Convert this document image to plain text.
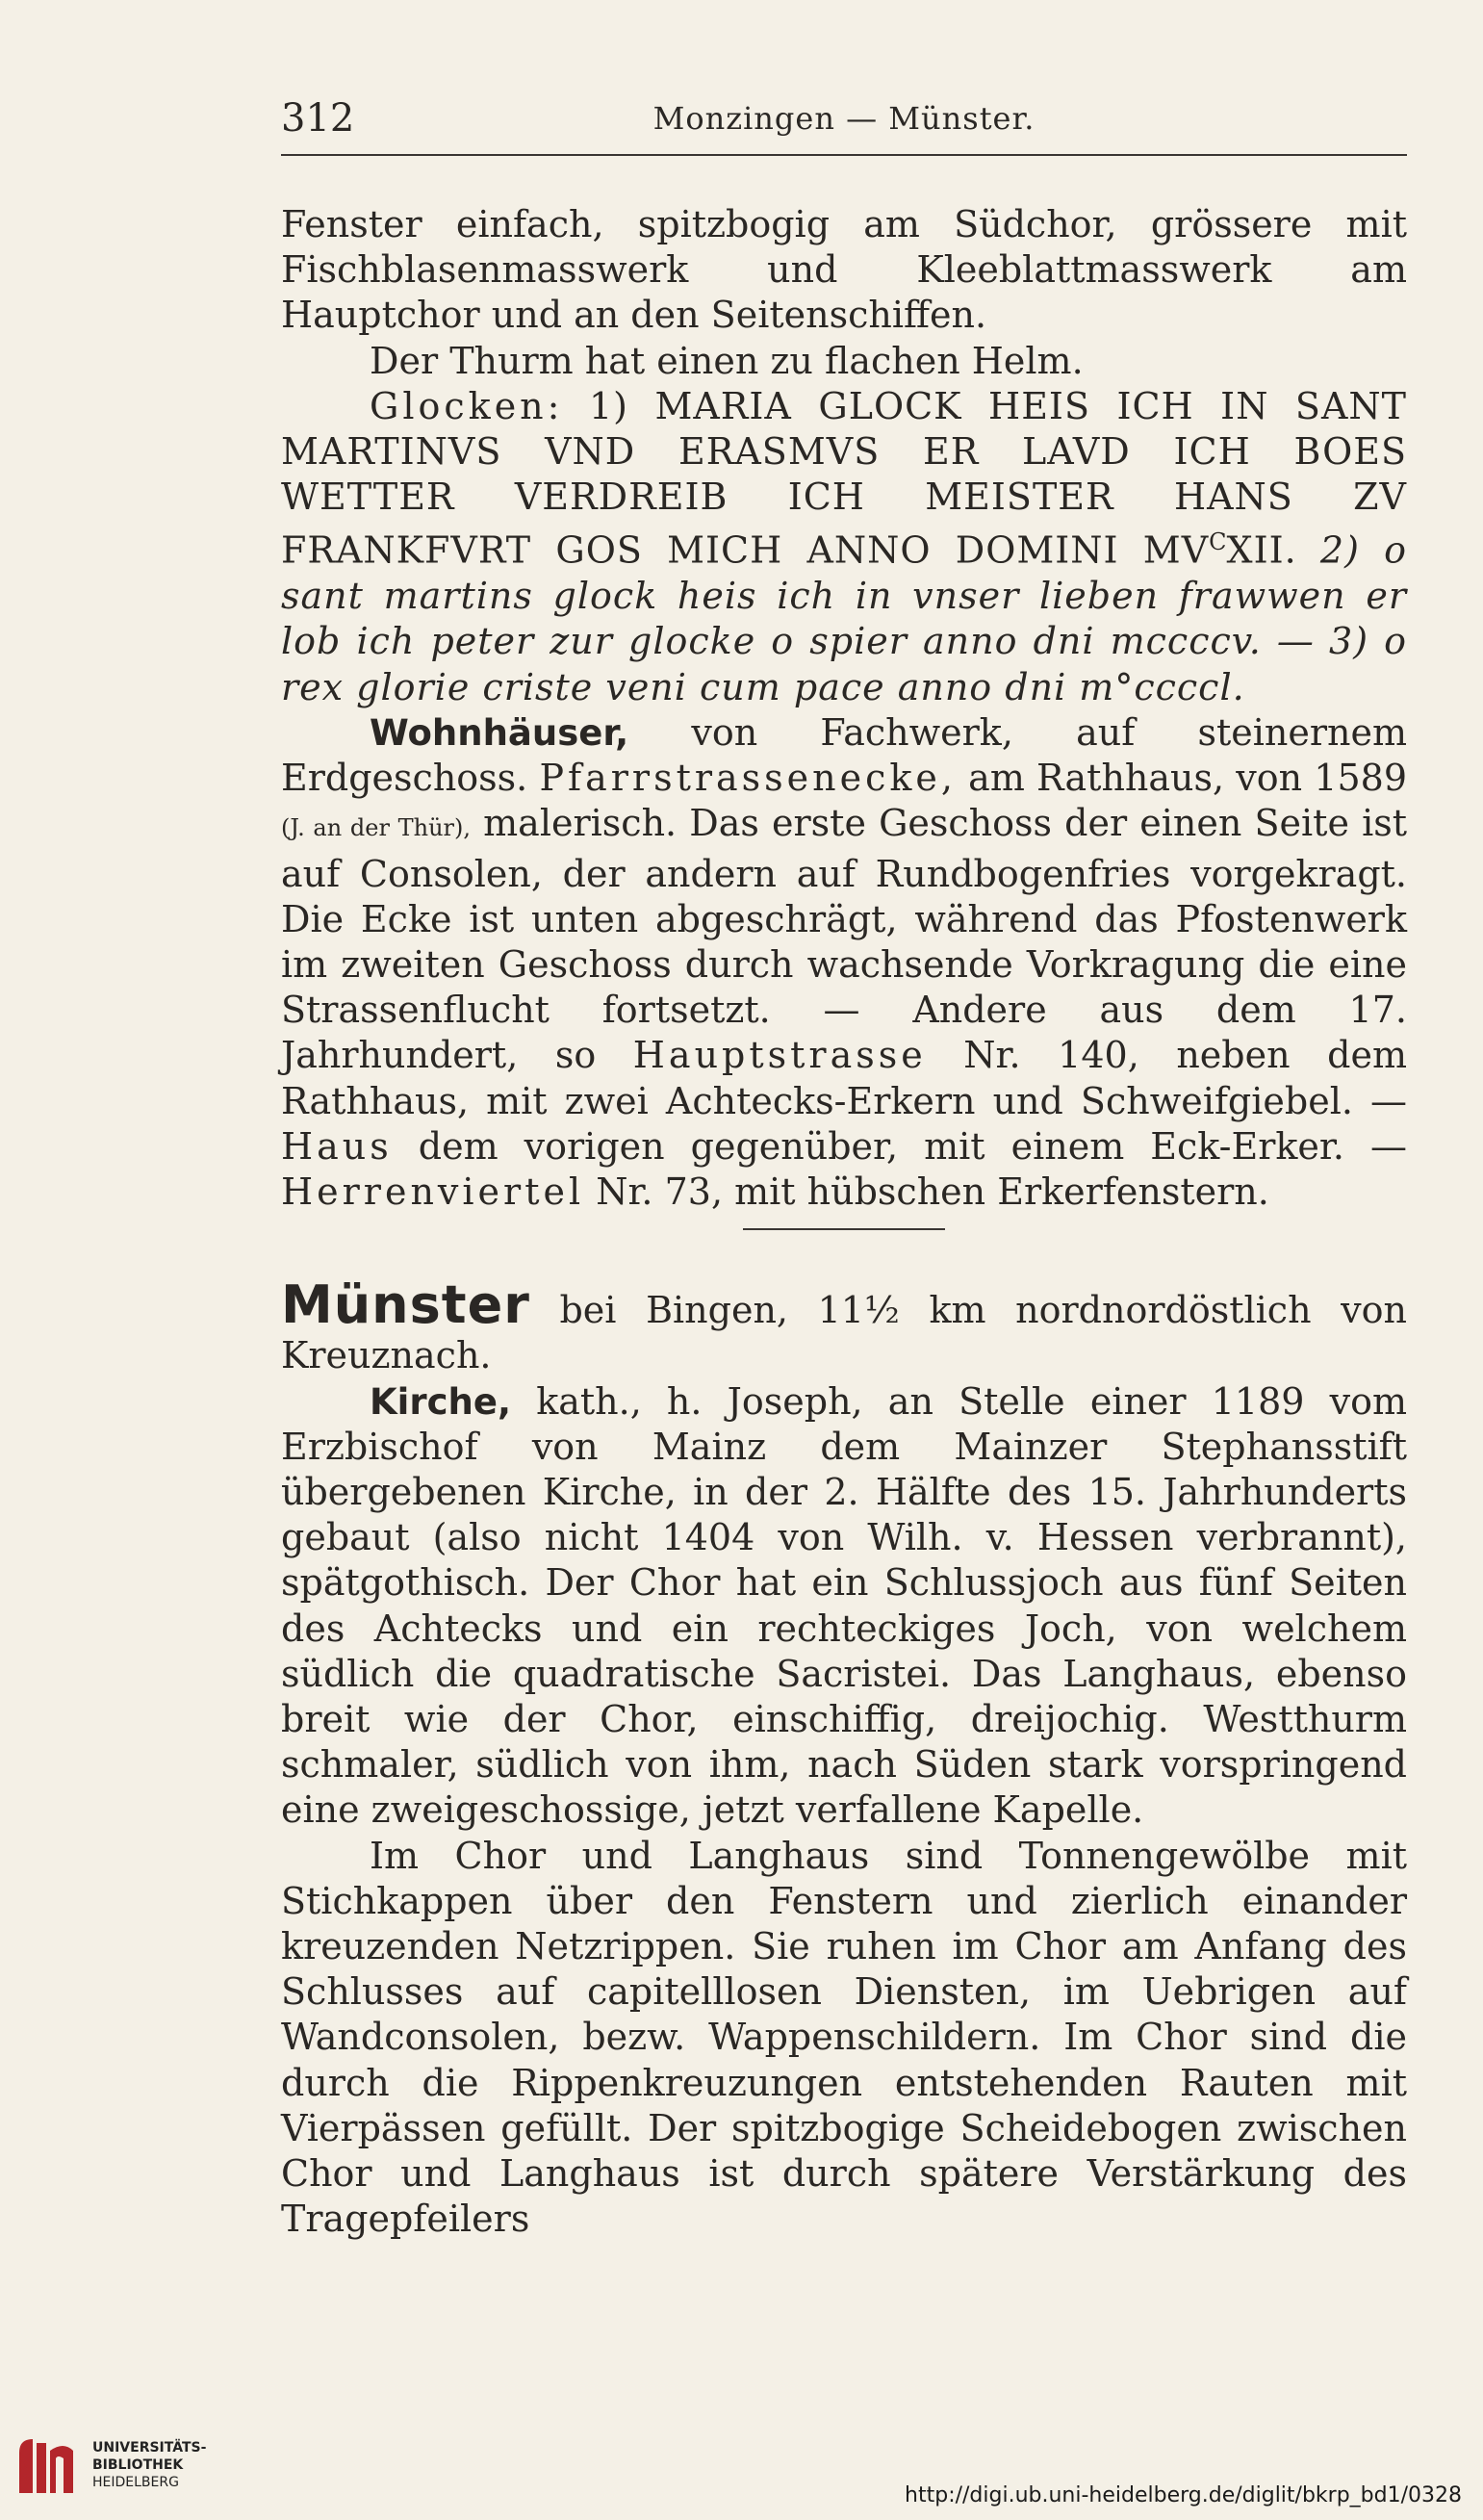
312	Monzingen — Münster.

Fenster einfach, spitzbogig am Südchor, grössere mit Fischblasenmasswerk und Kleeblattmasswerk am Hauptchor und an den Seitenschiffen.

Der Thurm hat einen zu flachen Helm.

Glocken: 1) MARIA GLOCK HEIS ICH IN SANT MARTINVS VND ERASMVS ER LAVD ICH BOES WETTER VERDREIB ICH MEISTER HANS ZV FRANKFVRT GOS MICH ANNO DOMINI $MV^CXII$. 2) o sant martins glock heis ich in vnser lieben frawwen er lob ich peter zur glocke o spier anno dni mccccv. — 3) o rex glorie criste veni cum pace anno dni m°ccccl.

Wohnhäuser, von Fachwerk, auf steinernem Erdgeschoss. Pfarrstrassenecke, am Rathhaus, von 1589 (J. an der Thür), malerisch. Das erste Geschoss der einen Seite ist auf Consolen, der andern auf Rundbogenfries vorgekragt. Die Ecke ist unten abgeschrägt, während das Pfostenwerk im zweiten Geschoss durch wachsende Vorkragung die eine Strassenflucht fortsetzt. — Andere aus dem 17. Jahrhundert, so Hauptstrasse Nr. 140, neben dem Rathhaus, mit zwei Achtecks-Erkern und Schweifgiebel. — Haus dem vorigen gegenüber, mit einem Eck-Erker. — Herrenviertel Nr. 73, mit hübschen Erkerfenstern.

Münster bei Bingen, 11½ km nordnordöstlich von Kreuznach.

Kirche, kath., h. Joseph, an Stelle einer 1189 vom Erzbischof von Mainz dem Mainzer Stephansstift übergebenen Kirche, in der 2. Hälfte des 15. Jahrhunderts gebaut (also nicht 1404 von Wilh. v. Hessen verbrannt), spätgothisch. Der Chor hat ein Schlussjoch aus fünf Seiten des Achtecks und ein rechteckiges Joch, von welchem südlich die quadratische Sacristei. Das Langhaus, ebenso breit wie der Chor, einschiffig, dreijochig. Westthurm schmaler, südlich von ihm, nach Süden stark vorspringend eine zweigeschossige, jetzt verfallene Kapelle.

Im Chor und Langhaus sind Tonnengewölbe mit Stichkappen über den Fenstern und zierlich einander kreuzenden Netzrippen. Sie ruhen im Chor am Anfang des Schlusses auf capitelllosen Diensten, im Uebrigen auf Wandconsolen, bezw. Wappenschildern. Im Chor sind die durch die Rippenkreuzungen entstehenden Rauten mit Vierpässen gefüllt. Der spitzbogige Scheidebogen zwischen Chor und Langhaus ist durch spätere Verstärkung des Tragepfeilers

UNIVERSITÄTS-
BIBLIOTHEK
HEIDELBERG
http://digi.ub.uni-heidelberg.de/diglit/bkrp_bd1/0328
